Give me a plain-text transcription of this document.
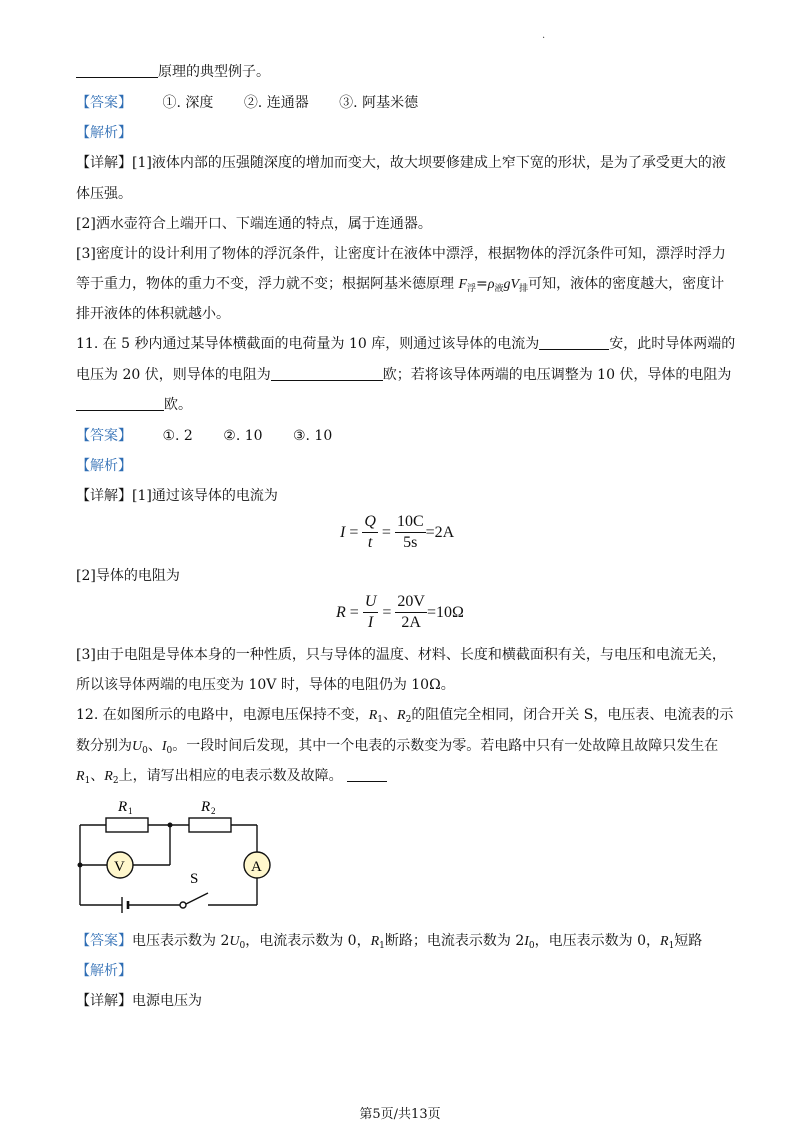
.
原理的典型例子。
【答案】 ①. 深度 ②. 连通器 ③. 阿基米德
【解析】
【详解】[1]液体内部的压强随深度的增加而变大，故大坝要修建成上窄下宽的形状，是为了承受更大的液
体压强。
[2]洒水壶符合上端开口、下端连通的特点，属于连通器。
[3]密度计的设计利用了物体的浮沉条件，让密度计在液体中漂浮，根据物体的浮沉条件可知，漂浮时浮力
等于重力，物体的重力不变，浮力就不变；根据阿基米德原理 $F_浮=\rho_液gV_排$可知，液体的密度越大，密度计
排开液体的体积就越小。
11. 在 5 秒内通过某导体横截面的电荷量为 10 库，则通过该导体的电流为	安，此时导体两端的
电压为 20 伏，则导体的电阻为	欧；若将该导体两端的电压调整为 10 伏，导体的电阻为
欧。
【答案】 ①. 2 ②. 10 ③. 10
【解析】
【详解】[1]通过该导体的电流为
$I = \frac{Q}{t} = \frac{10C}{5s} =2A$
[2]导体的电阻为
$R = \frac{U}{I} = \frac{20V}{2A} =10\Omega$
[3]由于电阻是导体本身的一种性质，只与导体的温度、材料、长度和横截面积有关，与电压和电流无关，
所以该导体两端的电压变为 10V 时，导体的电阻仍为 10Ω。
12. 在如图所示的电路中，电源电压保持不变，$R_1$、$R_2$的阻值完全相同，闭合开关 S，电压表、电流表的示
数分别为$U_0$、$I_0$。一段时间后发现，其中一个电表的示数变为零。若电路中只有一处故障且故障只发生在
$R_1$、$R_2$上，请写出相应的电表示数及故障。
R 1	R 2
V	A
S
【答案】电压表示数为 $2U_0$，电流表示数为 0，$R_1$断路；电流表示数为 $2I_0$，电压表示数为 0，$R_1$短路
【解析】
【详解】电源电压为
第5页/共13页
